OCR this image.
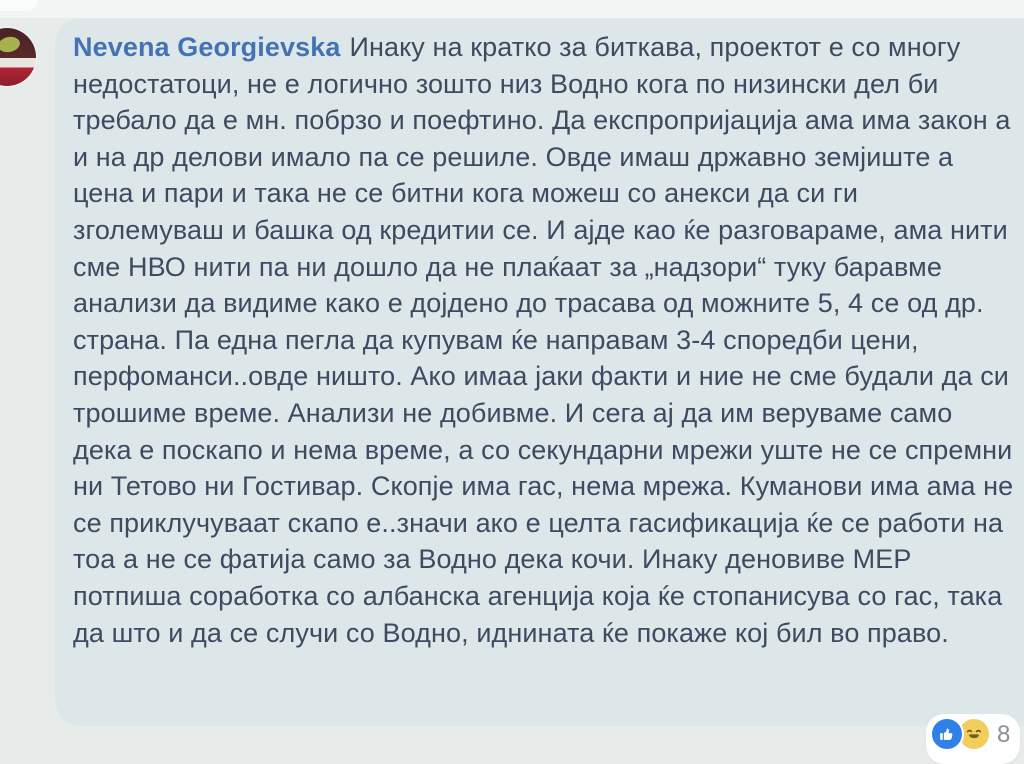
Nevena Georgievska Инаку на кратко за биткава, проектот е со многу недостатоци, не е логично зошто низ Водно кога по низински дел би требало да е мн. побрзо и поефтино. Да експропријација ама има закон а и на др делови имало па се решиле. Овде имаш државно земјиште а цена и пари и така не се битни кога можеш со анекси да си ги зголемуваш и башка од кредитии се. И ајде као ќе разговараме, ама нити сме НВО нити па ни дошло да не плаќаат за „надзори“ туку баравме анализи да видиме како е дојдено до трасава од можните 5, 4 се од др. страна. Па една пегла да купувам ќе направам 3-4 споредби цени, перфоманси..овде ништо. Ако имаа јаки факти и ние не сме будали да си трошиме време. Анализи не добивме. И сега ај да им веруваме само дека е поскапо и нема време, а со секундарни мрежи уште не се спремни ни Тетово ни Гостивар. Скопје има гас, нема мрежа. Куманови има ама не се приклучуваат скапо е..значи ако е целта гасификација ќе се работи на тоа а не се фатија само за Водно дека кочи. Инаку деновиве МЕР потпиша соработка со албанска агенција која ќе стопанисува со гас, така да што и да се случи со Водно, иднината ќе покаже кој бил во право.

8
